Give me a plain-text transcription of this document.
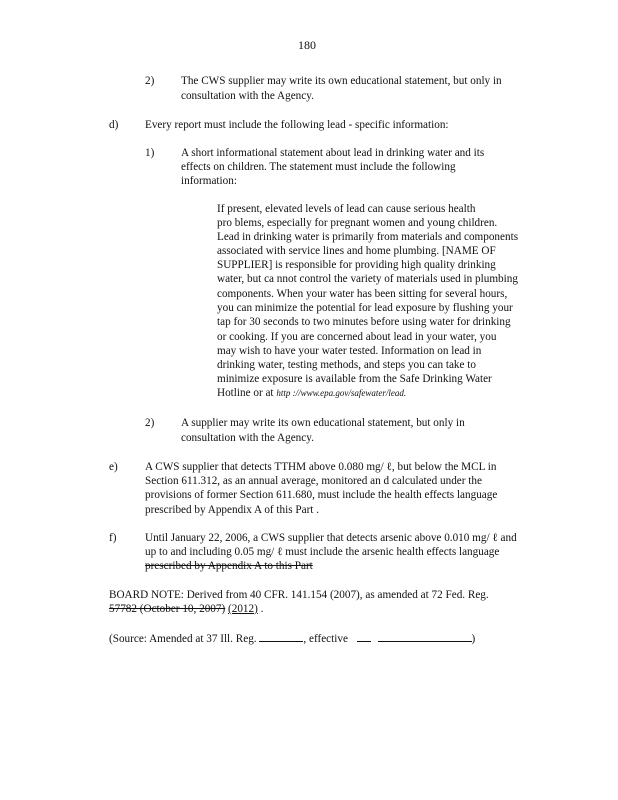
180
2) The CWS supplier may write its own educational statement, but only in
consultation with the Agency.
d) Every report must include the following lead - specific information:
1) A short informational statement about lead in drinking water and its
effects on children. The statement must include the following
information:
If present, elevated levels of lead can cause serious health
pro blems, especially for pregnant women and young children.
Lead in drinking water is primarily from materials and components
associated with service lines and home plumbing. [NAME OF
SUPPLIER] is responsible for providing high quality drinking
water, but ca nnot control the variety of materials used in plumbing
components. When your water has been sitting for several hours,
you can minimize the potential for lead exposure by flushing your
tap for 30 seconds to two minutes before using water for drinking
or cooking. If you are concerned about lead in your water, you
may wish to have your water tested. Information on lead in
drinking water, testing methods, and steps you can take to
minimize exposure is available from the Safe Drinking Water
Hotline or at http ://www.epa.gov/safewater/lead.
2) A supplier may write its own educational statement, but only in
consultation with the Agency.
e) A CWS supplier that detects TTHM above 0.080 mg/ ℓ, but below the MCL in
Section 611.312, as an annual average, monitored an d calculated under the
provisions of former Section 611.680, must include the health effects language
prescribed by Appendix A of this Part .
f)	Until January 22, 2006, a CWS supplier that detects arsenic above 0.010 mg/ ℓ and
up to and including 0.05 mg/ ℓ must include the arsenic health effects language
prescribed by Appendix A to this Part
BOARD NOTE: Derived from 40 CFR. 141.154 (2007), as amended at 72 Fed. Reg.
57782 (October 10, 2007) (2012) .
(Source: Amended at 37 Ill. Reg.	, effective	)
